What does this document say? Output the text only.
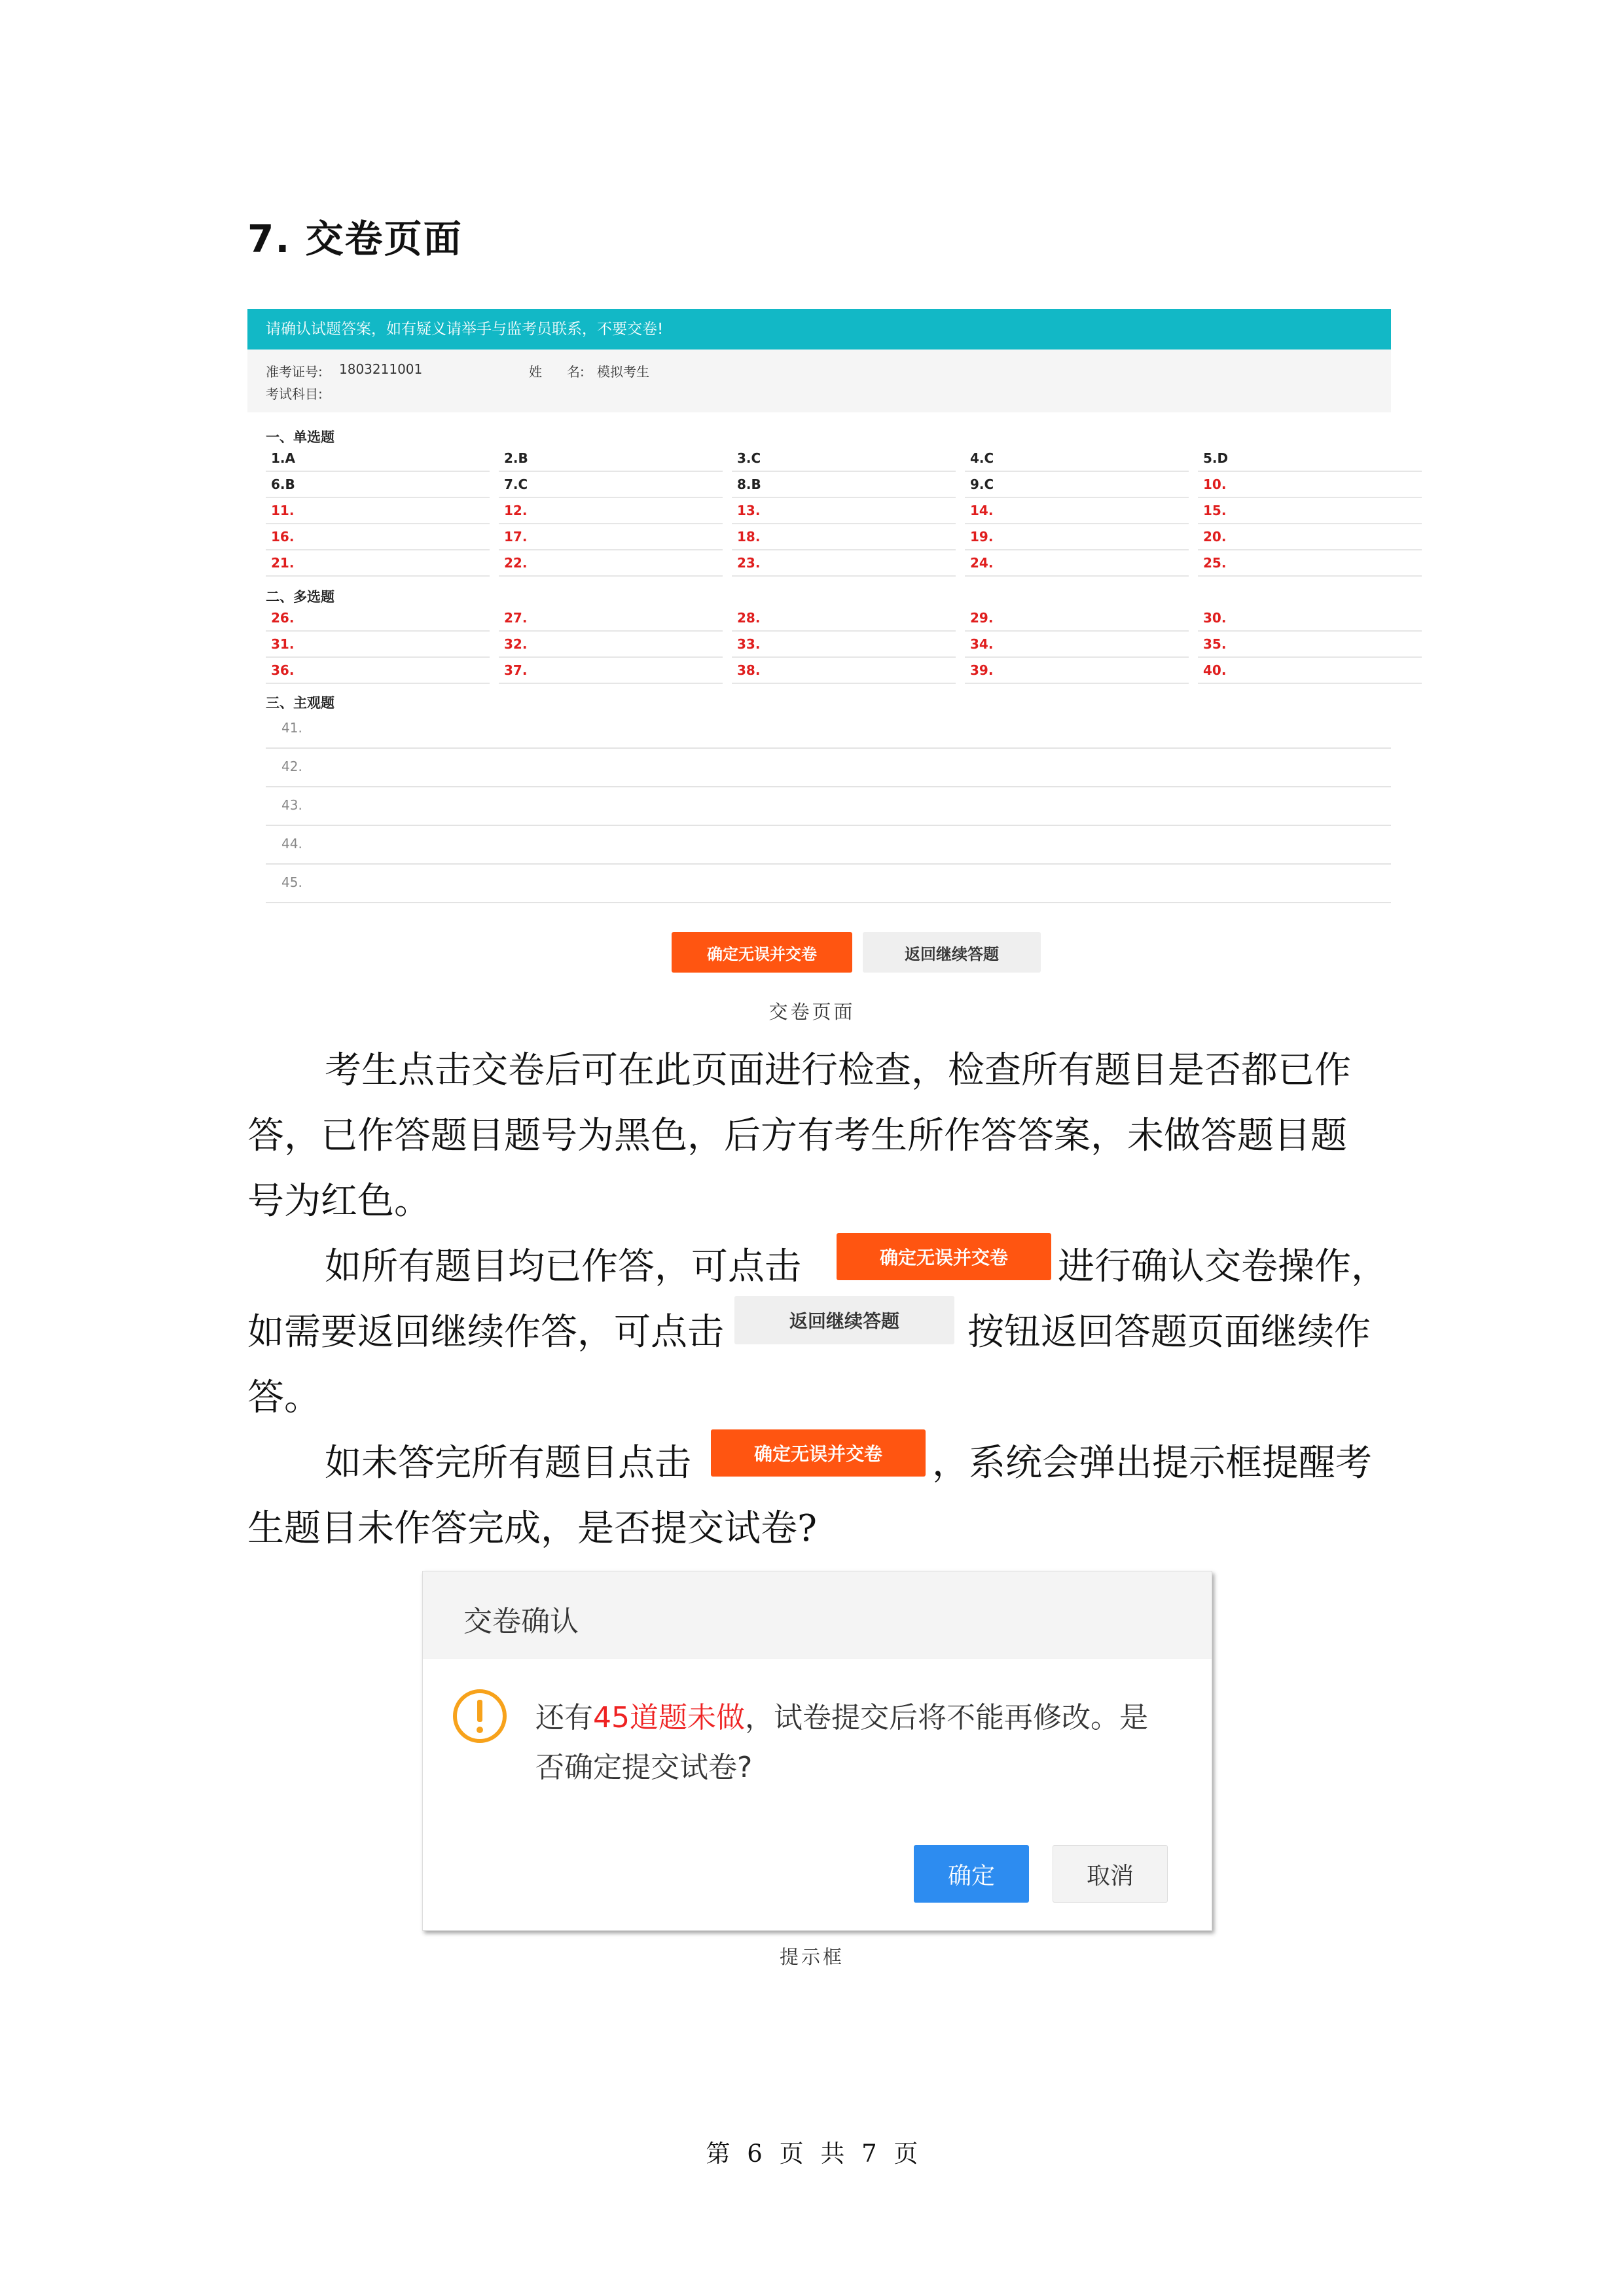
7. 交卷页面
请确认试题答案，如有疑义请举手与监考员联系，不要交卷!
准考证号: 1803211001	姓 名: 模拟考生
考试科目:
一、单选题
二、多选题
三、主观题
1.A	2.B	3.C	4.C	5.D
6.B	7.C	8.B	9.C	10.
11.	12.	13.	14.	15.
16.	17.	18.	19.	20.
21.	22.	23.	24.	25.
26.	27.	28.	29.	30.
31.	32.	33.	34.	35.
36.	37.	38.	39.	40.
41.
42.
43.
44.
45.
确定无误并交卷	返回继续答题
交卷页面
考生点击交卷后可在此页面进行检查，检查所有题目是否都已作
答，已作答题目题号为黑色，后方有考生所作答答案，未做答题目题
号为红色。
如所有题目均已作答，可点击	确定无误并交卷	进行确认交卷操作，
如需要返回继续作答，可点击	返回继续答题	按钮返回答题页面继续作
答。
如未答完所有题目点击	确定无误并交卷	，系统会弹出提示框提醒考
生题目未作答完成，是否提交试卷?
交卷确认
还有45道题未做，试卷提交后将不能再修改。是
否确定提交试卷?
确定	取消
提示框
第 6 页 共 7 页
